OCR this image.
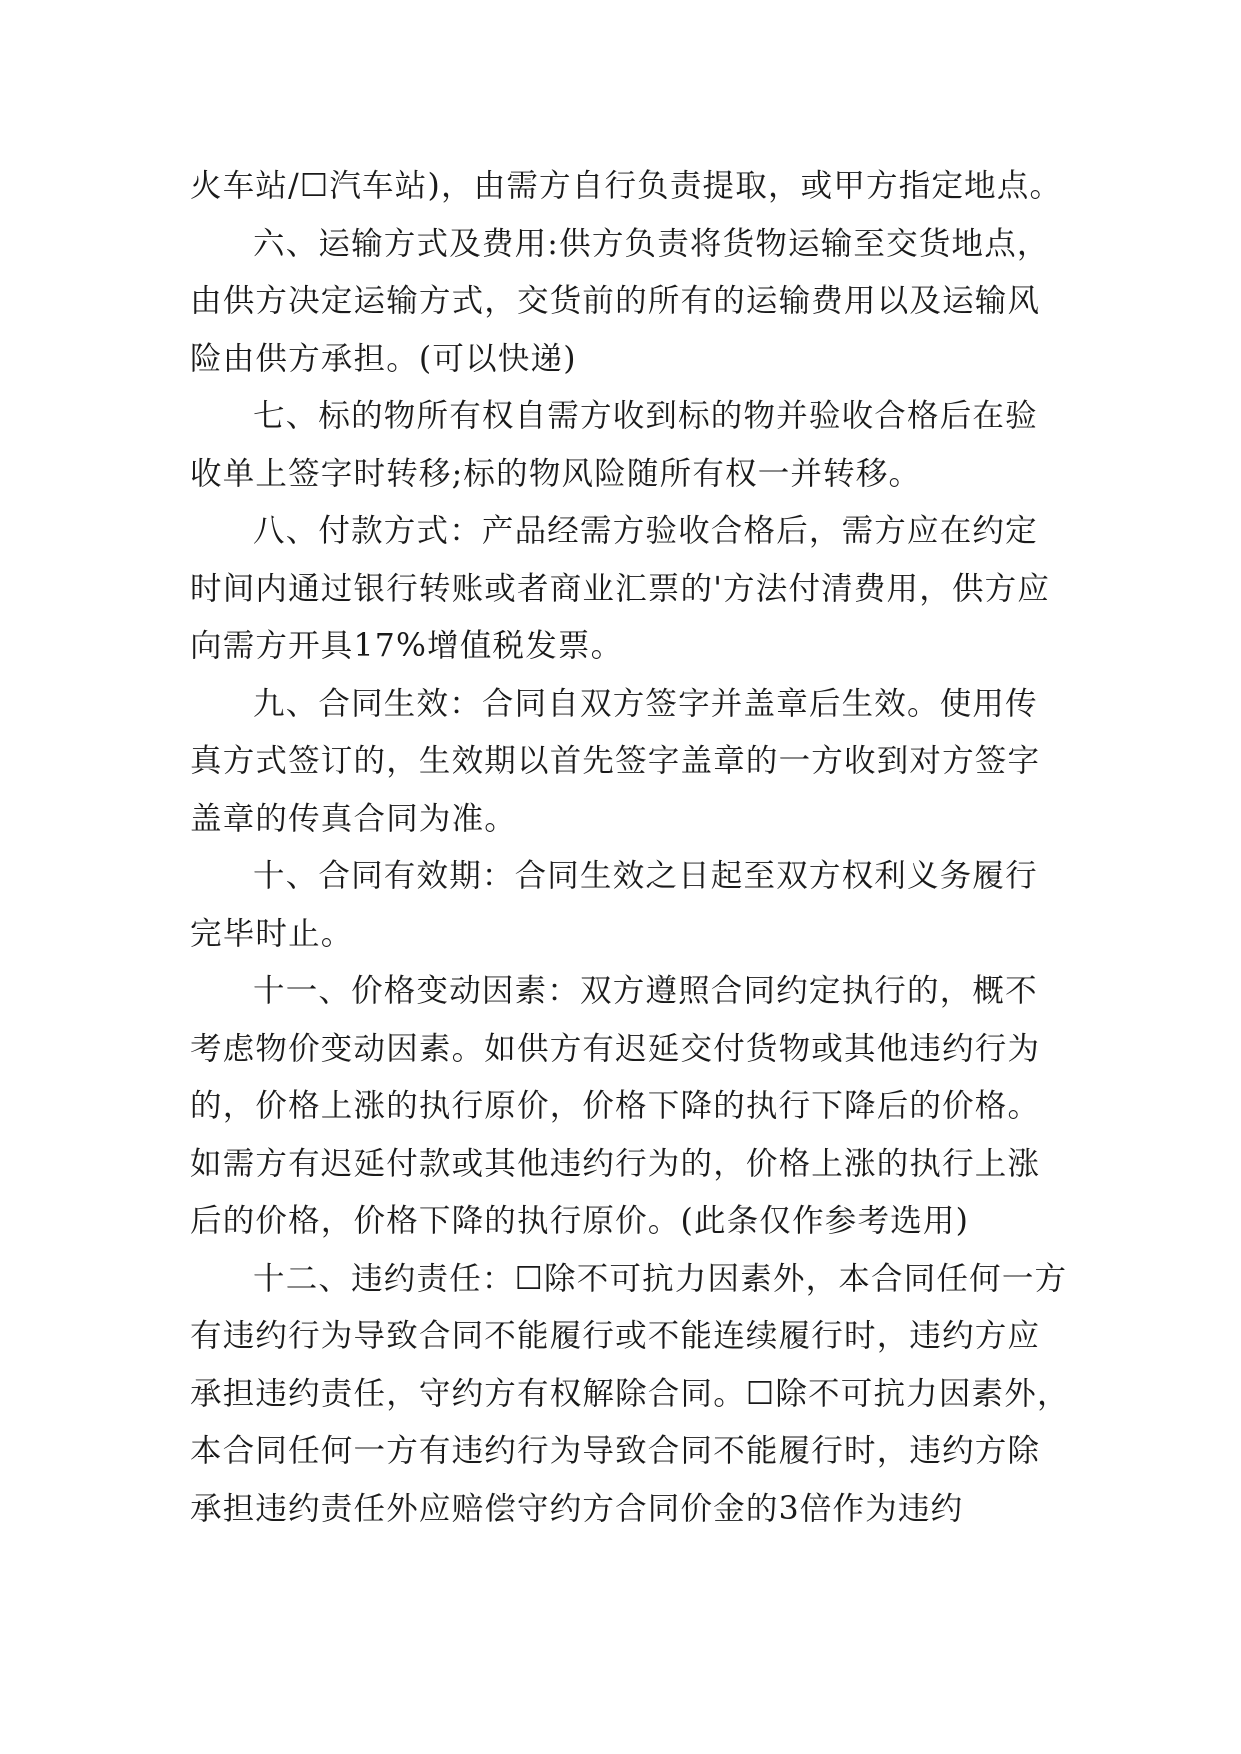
火车站/☐汽车站)，由需方自行负责提取，或甲方指定地点。

六、运输方式及费用:供方负责将货物运输至交货地点，由供方决定运输方式，交货前的所有的运输费用以及运输风险由供方承担。(可以快递)

七、标的物所有权自需方收到标的物并验收合格后在验收单上签字时转移;标的物风险随所有权一并转移。

八、付款方式：产品经需方验收合格后，需方应在约定时间内通过银行转账或者商业汇票的'方法付清费用，供方应向需方开具17%增值税发票。

九、合同生效：合同自双方签字并盖章后生效。使用传真方式签订的，生效期以首先签字盖章的一方收到对方签字盖章的传真合同为准。

十、合同有效期：合同生效之日起至双方权利义务履行完毕时止。

十一、价格变动因素：双方遵照合同约定执行的，概不考虑物价变动因素。如供方有迟延交付货物或其他违约行为的，价格上涨的执行原价，价格下降的执行下降后的价格。如需方有迟延付款或其他违约行为的，价格上涨的执行上涨后的价格，价格下降的执行原价。(此条仅作参考选用)

十二、违约责任：☐除不可抗力因素外，本合同任何一方有违约行为导致合同不能履行或不能连续履行时，违约方应承担违约责任，守约方有权解除合同。☐除不可抗力因素外，本合同任何一方有违约行为导致合同不能履行时，违约方除承担违约责任外应赔偿守约方合同价金的3倍作为违约
